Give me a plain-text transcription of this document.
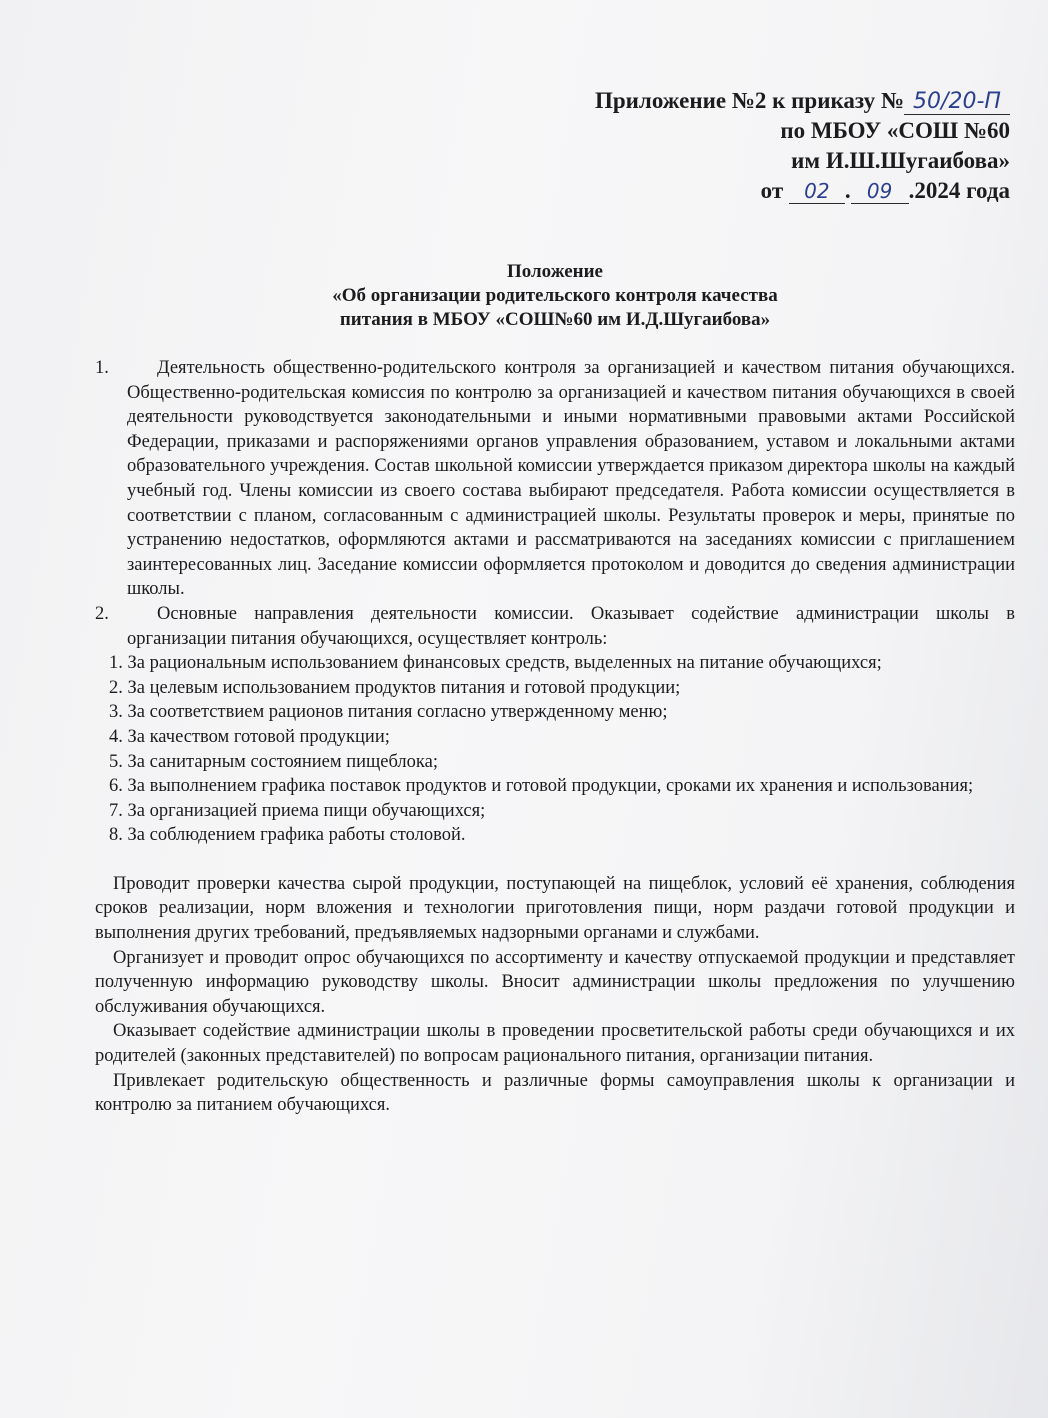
Приложение №2 к приказу № 50/20-П
по МБОУ «СОШ №60
им И.Ш.Шугаибова»
от 02 . 09 .2024 года
Положение
«Об организации родительского контроля качества
питания в МБОУ «СОШ№60 им И.Д.Шугаибова»

1.	Деятельность общественно-родительского контроля за организацией и качеством питания обучающихся. Общественно-родительская комиссия по контролю за организацией и качеством питания обучающихся в своей деятельности руководствуется законодательными и иными нормативными правовыми актами Российской Федерации, приказами и распоряжениями органов управления образованием, уставом и локальными актами образовательного учреждения. Состав школьной комиссии утверждается приказом директора школы на каждый учебный год. Члены комиссии из своего состава выбирают председателя. Работа комиссии осуществляется в соответствии с планом, согласованным с администрацией школы. Результаты проверок и меры, принятые по устранению недостатков, оформляются актами и рассматриваются на заседаниях комиссии с приглашением заинтересованных лиц. Заседание комиссии оформляется протоколом и доводится до сведения администрации школы.

2.	Основные направления деятельности комиссии. Оказывает содействие администрации школы в организации питания обучающихся, осуществляет контроль:

1. За рациональным использованием финансовых средств, выделенных на питание обучающихся;

2. За целевым использованием продуктов питания и готовой продукции;

3. За соответствием рационов питания согласно утвержденному меню;

4. За качеством готовой продукции;

5. За санитарным состоянием пищеблока;

6. За выполнением графика поставок продуктов и готовой продукции, сроками их хранения и использования;

7. За организацией приема пищи обучающихся;

8. За соблюдением графика работы столовой.

Проводит проверки качества сырой продукции, поступающей на пищеблок, условий её хранения, соблюдения сроков реализации, норм вложения и технологии приготовления пищи, норм раздачи готовой продукции и выполнения других требований, предъявляемых надзорными органами и службами.

Организует и проводит опрос обучающихся по ассортименту и качеству отпускаемой продукции и представляет полученную информацию руководству школы. Вносит администрации школы предложения по улучшению обслуживания обучающихся.

Оказывает содействие администрации школы в проведении просветительской работы среди обучающихся и их родителей (законных представителей) по вопросам рационального питания, организации питания.

Привлекает родительскую общественность и различные формы самоуправления школы к организации и контролю за питанием обучающихся.
